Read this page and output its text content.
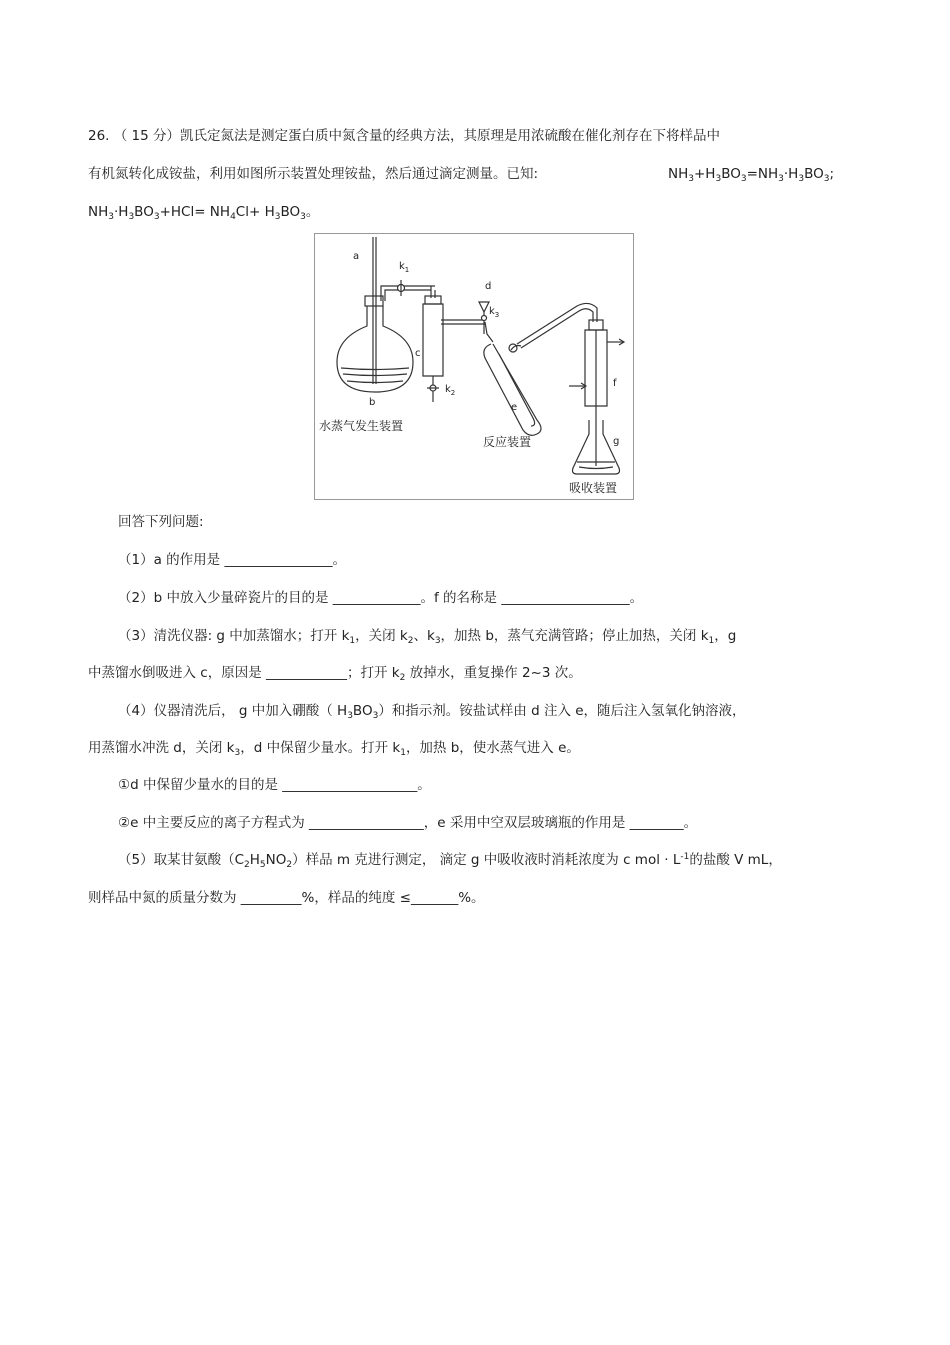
26. （ 15 分）凯氏定氮法是测定蛋白质中氮含量的经典方法，其原理是用浓硫酸在催化剂存在下将样品中
有机氮转化成铵盐，利用如图所示装置处理铵盐，然后通过滴定测量。已知:	$NH_3+H_3BO_3=NH_3\cdot H_3BO_3$;
$NH_3\cdot H_3BO_3+HCl= NH_4Cl+ H_3BO_3$。
a
$k_1$
b
c
$k_2$
d
$k_3$
e
f
g
水蒸气发生装置
反应装置
吸收装置
回答下列问题:
（1）a 的作用是 ________________。
（2）b 中放入少量碎瓷片的目的是 _____________。f 的名称是 ___________________。
（3）清洗仪器: g 中加蒸馏水；打开 $k_1$，关闭 $k_2$、$k_3$，加热 b，蒸气充满管路；停止加热，关闭 $k_1$，g
中蒸馏水倒吸进入 c，原因是 ____________；打开 $k_2$ 放掉水，重复操作 2~3 次。
（4）仪器清洗后， g 中加入硼酸（ $H_3BO_3$）和指示剂。铵盐试样由 d 注入 e，随后注入氢氧化钠溶液，
用蒸馏水冲洗 d，关闭 $k_3$，d 中保留少量水。打开 $k_1$，加热 b，使水蒸气进入 e。
①d 中保留少量水的目的是 ____________________。
②e 中主要反应的离子方程式为 _________________，e 采用中空双层玻璃瓶的作用是 ________。
（5）取某甘氨酸$(C_2H_5NO_2)$样品 m 克进行测定， 滴定 g 中吸收液时消耗浓度为 c mol · $L^{-1}$的盐酸 V mL，
则样品中氮的质量分数为 _________%，样品的纯度 ≤_______%。
